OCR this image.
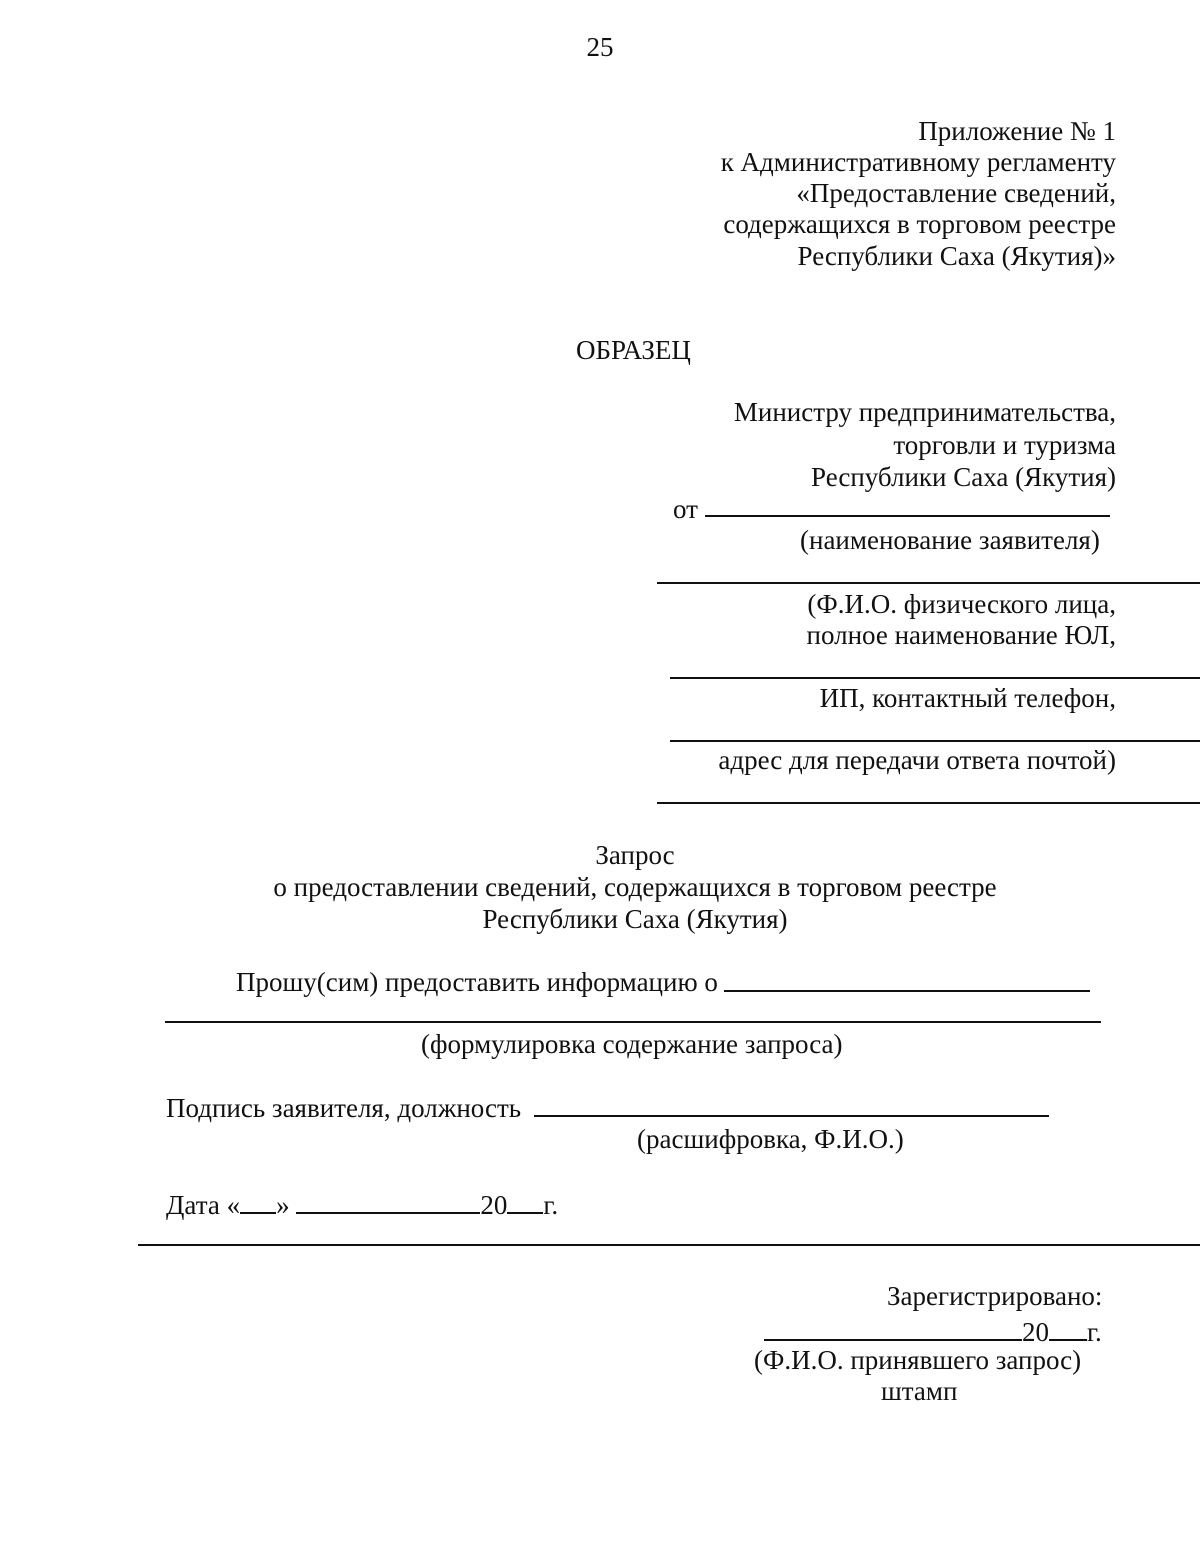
25
Приложение № 1
к Административному регламенту
«Предоставление сведений,
содержащихся в торговом реестре
Республики Саха (Якутия)»
ОБРАЗЕЦ
Министру предпринимательства,
торговли и туризма
Республики Саха (Якутия)
от
(наименование заявителя)
(Ф.И.О. физического лица,
полное наименование ЮЛ,
ИП, контактный телефон,
адрес для передачи ответа почтой)
Запрос
о предоставлении сведений, содержащихся в торговом реестре
Республики Саха (Якутия)
Прошу(сим) предоставить информацию о
(формулировка содержание запроса)
Подпись заявителя, должность
(расшифровка, Ф.И.О.)
Дата « »	20 г.
Зарегистрировано:
20 г.
(Ф.И.О. принявшего запрос)
штамп
